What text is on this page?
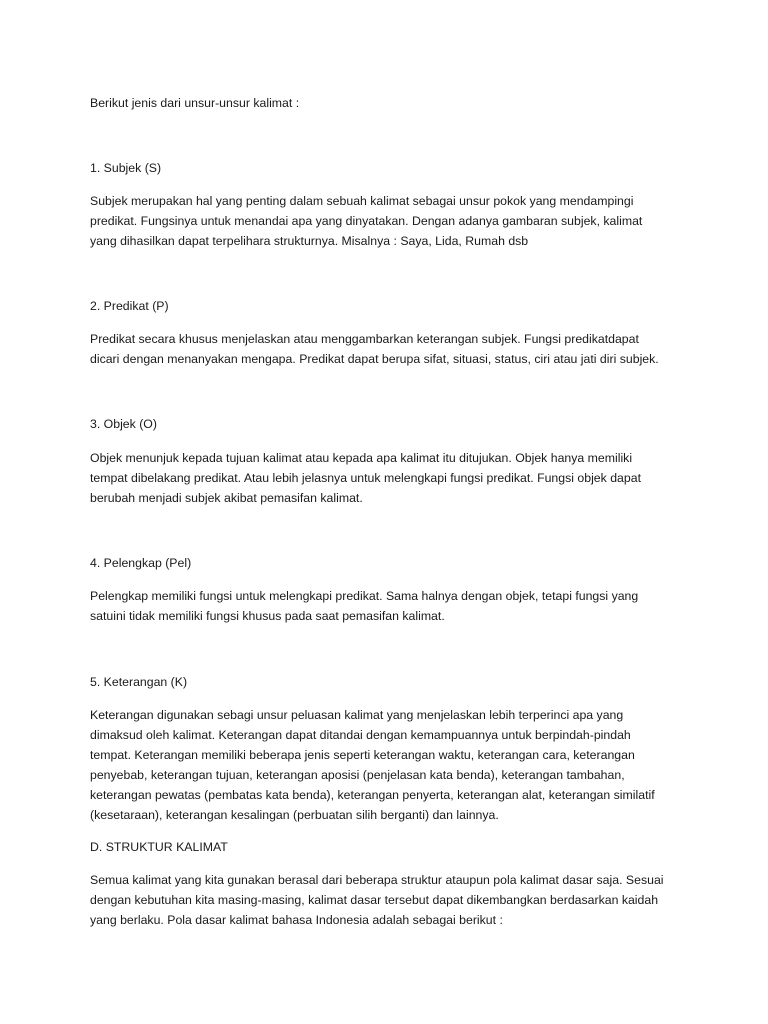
Berikut jenis dari unsur-unsur kalimat :
1. Subjek (S)
Subjek merupakan hal yang penting dalam sebuah kalimat sebagai unsur pokok yang mendampingi
predikat. Fungsinya untuk menandai apa yang dinyatakan. Dengan adanya gambaran subjek, kalimat
yang dihasilkan dapat terpelihara strukturnya. Misalnya : Saya, Lida, Rumah dsb
2. Predikat (P)
Predikat secara khusus menjelaskan atau menggambarkan keterangan subjek. Fungsi predikatdapat
dicari dengan menanyakan mengapa. Predikat dapat berupa sifat, situasi, status, ciri atau jati diri subjek.
3. Objek (O)
Objek menunjuk kepada tujuan kalimat atau kepada apa kalimat itu ditujukan. Objek hanya memiliki
tempat dibelakang predikat. Atau lebih jelasnya untuk melengkapi fungsi predikat. Fungsi objek dapat
berubah menjadi subjek akibat pemasifan kalimat.
4. Pelengkap (Pel)
Pelengkap memiliki fungsi untuk melengkapi predikat. Sama halnya dengan objek, tetapi fungsi yang
satuini tidak memiliki fungsi khusus pada saat pemasifan kalimat.
5. Keterangan (K)
Keterangan digunakan sebagi unsur peluasan kalimat yang menjelaskan lebih terperinci apa yang
dimaksud oleh kalimat. Keterangan dapat ditandai dengan kemampuannya untuk berpindah-pindah
tempat. Keterangan memiliki beberapa jenis seperti keterangan waktu, keterangan cara, keterangan
penyebab, keterangan tujuan, keterangan aposisi (penjelasan kata benda), keterangan tambahan,
keterangan pewatas (pembatas kata benda), keterangan penyerta, keterangan alat, keterangan similatif
(kesetaraan), keterangan kesalingan (perbuatan silih berganti) dan lainnya.
D. STRUKTUR KALIMAT
Semua kalimat yang kita gunakan berasal dari beberapa struktur ataupun pola kalimat dasar saja. Sesuai
dengan kebutuhan kita masing-masing, kalimat dasar tersebut dapat dikembangkan berdasarkan kaidah
yang berlaku. Pola dasar kalimat bahasa Indonesia adalah sebagai berikut :
